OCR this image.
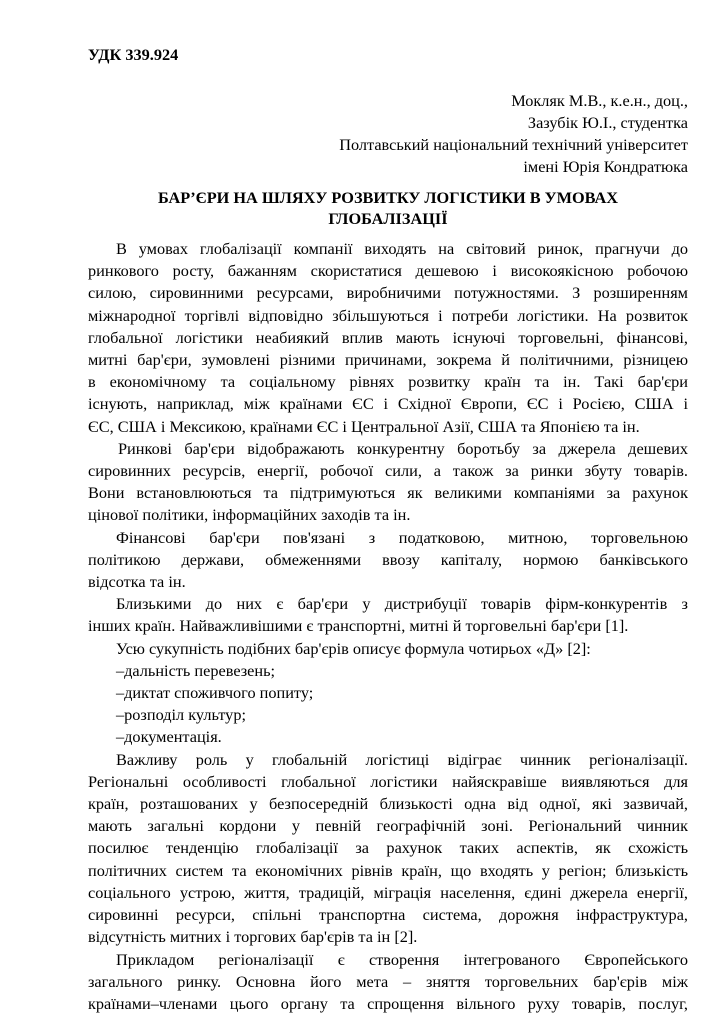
УДК 339.924
Мокляк М.В., к.е.н., доц.,
Зазубік Ю.І., студентка
Полтавський національний технічний університет
імені Юрія Кондратюка
БАР’ЄРИ НА ШЛЯХУ РОЗВИТКУ ЛОГІСТИКИ В УМОВАХ
ГЛОБАЛІЗАЦІЇ
В умовах глобалізації компанії виходять на світовий ринок, прагнучи до
ринкового росту, бажанням скористатися дешевою і високоякісною робочою
силою, сировинними ресурсами, виробничими потужностями. З розширенням
міжнародної торгівлі відповідно збільшуються і потреби логістики. На розвиток
глобальної логістики неабиякий вплив мають існуючі торговельні, фінансові,
митні бар'єри, зумовлені різними причинами, зокрема й політичними, різницею
в економічному та соціальному рівнях розвитку країн та ін. Такі бар'єри
існують, наприклад, між країнами ЄС і Східної Європи, ЄС і Росією, США і
ЄС, США і Мексикою, країнами ЄС і Центральної Азії, США та Японією та ін.
Ринкові бар'єри відображають конкурентну боротьбу за джерела дешевих
сировинних ресурсів, енергії, робочої сили, а також за ринки збуту товарів.
Вони встановлюються та підтримуються як великими компаніями за рахунок
цінової політики, інформаційних заходів та ін.
Фінансові бар'єри пов'язані з податковою, митною, торговельною
політикою держави, обмеженнями ввозу капіталу, нормою банківського
відсотка та ін.
Близькими до них є бар'єри у дистрибуції товарів фірм-конкурентів з
інших країн. Найважливішими є транспортні, митні й торговельні бар'єри [1].
Усю сукупність подібних бар'єрів описує формула чотирьох «Д» [2]:
–дальність перевезень;
–диктат споживчого попиту;
–розподіл культур;
–документація.
Важливу роль у глобальній логістиці відіграє чинник регіоналізації.
Регіональні особливості глобальної логістики найяскравіше виявляються для
країн, розташованих у безпосередній близькості одна від одної, які зазвичай,
мають загальні кордони у певній географічній зоні. Регіональний чинник
посилює тенденцію глобалізації за рахунок таких аспектів, як схожість
політичних систем та економічних рівнів країн, що входять у регіон; близькість
соціального устрою, життя, традицій, міграція населення, єдині джерела енергії,
сировинні ресурси, спільні транспортна система, дорожня інфраструктура,
відсутність митних і торгових бар'єрів та ін [2].
Прикладом регіоналізації є створення інтегрованого Європейського
загального ринку. Основна його мета – зняття торговельних бар'єрів між
країнами–членами цього органу та спрощення вільного руху товарів, послуг,
